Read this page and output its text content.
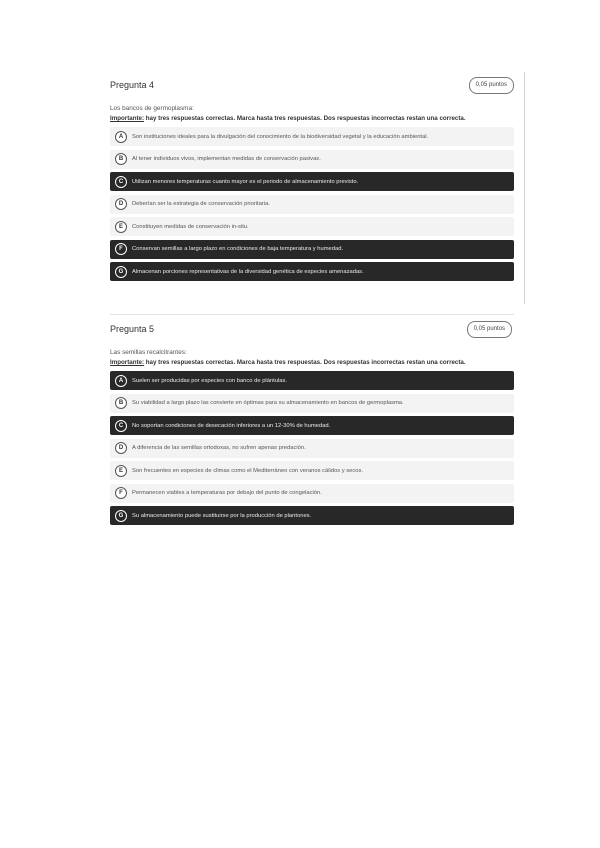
Pregunta 4	0,05 puntos
Los bancos de germoplasma:
Importante: hay tres respuestas correctas. Marca hasta tres respuestas. Dos respuestas incorrectas restan una correcta.
A	Son instituciones ideales para la divulgación del conocimiento de la biodiversidad vegetal y la educación ambiental.
B	Al tener individuos vivos, implementan medidas de conservación pasivas.
C	Utilizan menores temperaturas cuanto mayor es el periodo de almacenamiento previsto.
D	Deberían ser la estrategia de conservación prioritaria.
E	Constituyen medidas de conservación in-situ.
F	Conservan semillas a largo plazo en condiciones de baja temperatura y humedad.
G	Almacenan porciones representativas de la diversidad genética de especies amenazadas.
Pregunta 5	0,05 puntos
Las semillas recalcitrantes:
Importante: hay tres respuestas correctas. Marca hasta tres respuestas. Dos respuestas incorrectas restan una correcta.
A	Suelen ser producidas por especies con banco de plántulas.
B	Su viabilidad a largo plazo las convierte en óptimas para su almacenamiento en bancos de germoplasma.
C	No soportan condiciones de desecación inferiores a un 12-30% de humedad.
D	A diferencia de las semillas ortodoxas, no sufren apenas predación.
E	Son frecuentes en especies de climas como el Mediterráneo con veranos cálidos y secos.
F	Permanecen viables a temperaturas por debajo del punto de congelación.
G	Su almacenamiento puede sustituirse por la producción de plantones.
